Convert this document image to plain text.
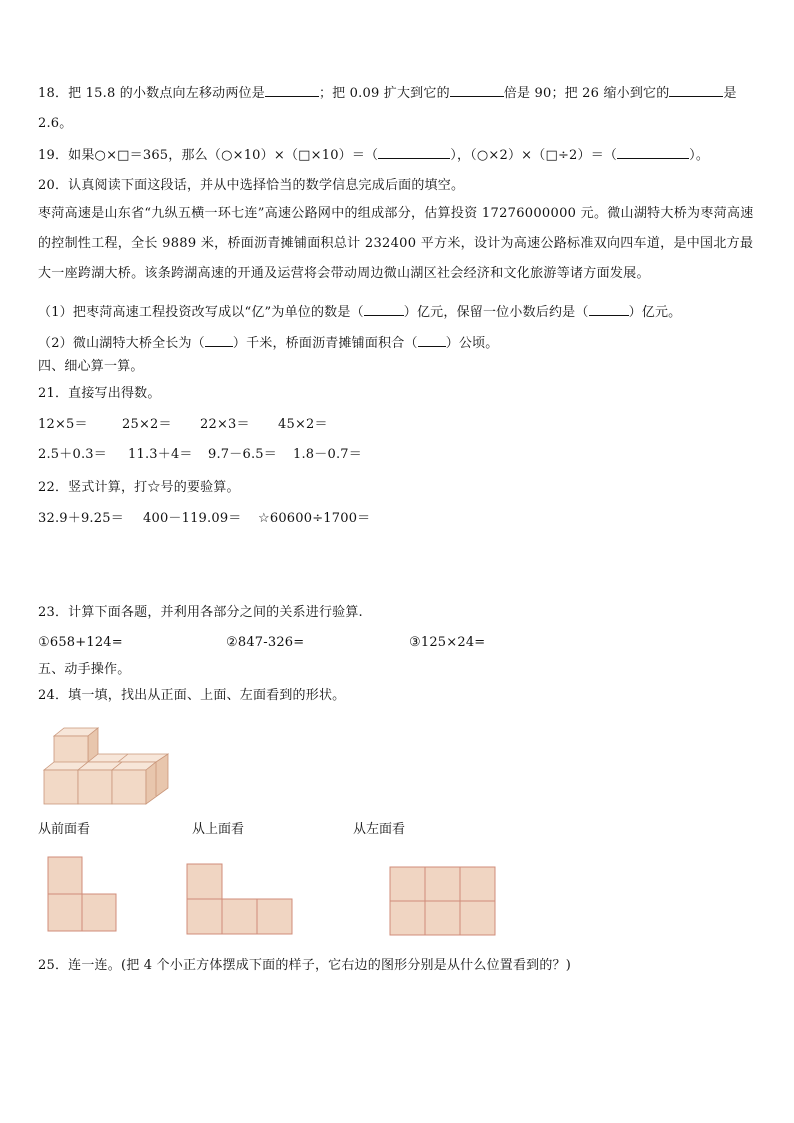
18．把 15.8 的小数点向左移动两位是	；把 0.09 扩大到它的	倍是 90；把 26 缩小到它的	是
2.6。
19．如果○×□＝365，那么（○×10）×（□×10）＝（	），（○×2）×（□÷2）＝（	）。
20．认真阅读下面这段话，并从中选择恰当的数学信息完成后面的填空。
枣菏高速是山东省“九纵五横一环七连”高速公路网中的组成部分，估算投资 17276000000 元。微山湖特大桥为枣菏高速的控制性工程，全长 9889 米，桥面沥青摊铺面积总计 232400 平方米，设计为高速公路标准双向四车道，是中国北方最大一座跨湖大桥。该条跨湖高速的开通及运营将会带动周边微山湖区社会经济和文化旅游等诸方面发展。
（1）把枣菏高速工程投资改写成以“亿”为单位的数是（	）亿元，保留一位小数后约是（	）亿元。
（2）微山湖特大桥全长为（ ）千米，桥面沥青摊铺面积合（ ）公顷。
四、细心算一算。
21．直接写出得数。
12×5＝	25×2＝ 22×3＝ 45×2＝
2.5＋0.3＝ 11.3＋4＝ 9.7－6.5＝ 1.8－0.7＝
22．竖式计算，打☆号的要验算。
32.9＋9.25＝ 400－119.09＝ ☆60600÷1700＝
23．计算下面各题，并利用各部分之间的关系进行验算.
①658+124=	②847-326=	③125×24=
五、动手操作。
24．填一填，找出从正面、上面、左面看到的形状。
从前面看	从上面看	从左面看
25．连一连。(把 4 个小正方体摆成下面的样子，它右边的图形分别是从什么位置看到的？)
